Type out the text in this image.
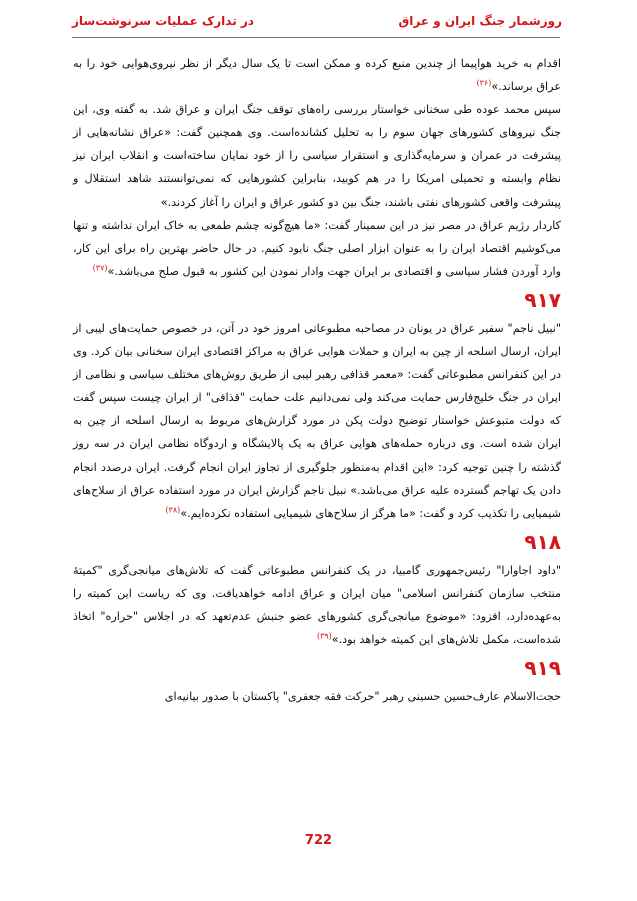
روزشمار جنگ ایران و عراق
در تدارک عملیات سرنوشت‌ساز

اقدام به خرید هواپیما از چندین منبع کرده و ممکن است تا یک سال دیگر از نظر نیروی‌هوایی خود را به عراق برساند.»$^{(۳۶)}$

سپس محمد عوده طی سخنانی خواستار بررسی راه‌های توقف جنگ ایران و عراق شد. به گفته وی، این جنگ نیروهای کشورهای جهان سوم را به تحلیل کشانده‌است. وی همچنین گفت: «عراق نشانه‌هایی از پیشرفت در عمران و سرمایه‌گذاری و استقرار سیاسی را از خود نمایان ساخته‌است و انقلاب ایران نیز نظام وابسته و تحمیلی امریکا را در هم کوبید، بنابراین کشورهایی که نمی‌توانستند شاهد استقلال و پیشرفت واقعی کشورهای نفتی باشند، جنگ بین دو کشور عراق و ایران را آغاز کردند.»

کاردار رژیم عراق در مصر نیز در این سمینار گفت: «ما هیچ‌گونه چشم طمعی به خاک ایران نداشته و تنها می‌کوشیم اقتصاد ایران را به عنوان ابزار اصلی جنگ نابود کنیم. در حال حاضر بهترین راه برای این کار، وارد آوردن فشار سیاسی و اقتصادی بر ایران جهت وادار نمودن این کشور به قبول صلح می‌باشد.»$^{(۳۷)}$

۹۱۷

"نبیل ناجم" سفیر عراق در یونان در مصاحبه مطبوعاتی امروز خود در آتن، در خصوص حمایت‌های لیبی از ایران، ارسال اسلحه از چین به ایران و حملات هوایی عراق به مراکز اقتصادی ایران سخنانی بیان کرد. وی در این کنفرانس مطبوعاتی گفت: «معمر قذافی رهبر لیبی از طریق روش‌های مختلف سیاسی و نظامی از ایران در جنگ خلیج‌فارس حمایت می‌کند ولی نمی‌دانیم علت حمایت "قذافی" از ایران چیست سپس گفت که دولت متبوعش خواستار توضیح دولت پکن در مورد گزارش‌های مربوط به ارسال اسلحه از چین به ایران شده است. وی درباره حمله‌های هوایی عراق به یک پالایشگاه و اردوگاه نظامی ایران در سه روز گذشته را چنین توجیه کرد: «این اقدام به‌منظور جلوگیری از تجاوز ایران انجام گرفت. ایران درصدد انجام دادن یک تهاجم گسترده علیه عراق می‌باشد.» نبیل ناجم گزارش ایران در مورد استفاده عراق از سلاح‌های شیمیایی را تکذیب کرد و گفت: «ما هرگز از سلاح‌های شیمیایی استفاده نکرده‌ایم.»$^{(۳۸)}$

۹۱۸

"داود اجاوارا" رئیس‌جمهوری گامبیا، در یک کنفرانس مطبوعاتی گفت که تلاش‌های میانجی‌گری "کمیتهٔ منتخب سازمان کنفرانس اسلامی" میان ایران و عراق ادامه خواهدیافت. وی که ریاست این کمیته را به‌عهده‌دارد، افزود: «موضوع میانجی‌گری کشورهای عضو جنبش عدم‌تعهد که در اجلاس "حراره" اتخاذ شده‌است، مکمل تلاش‌های این کمیته خواهد بود.»$^{(۳۹)}$

۹۱۹

حجت‌الاسلام عارف‌حسین حسینی رهبر "حرکت فقه جعفری" پاکستان با صدور بیانیه‌ای

722
